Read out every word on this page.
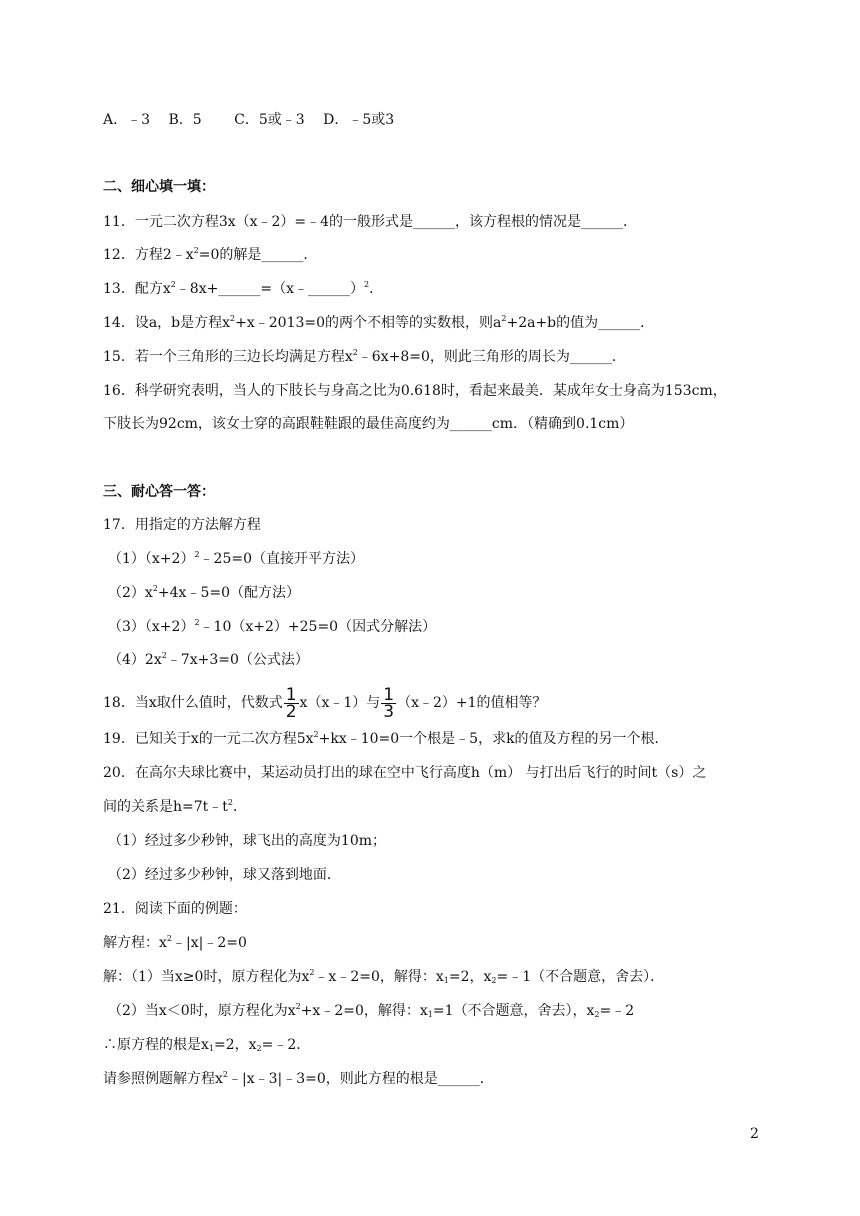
A．﹣3 B．5 C．5或﹣3 D．﹣5或3
二、细心填一填：
11．一元二次方程3x（x﹣2）=﹣4的一般形式是______，该方程根的情况是______．
12．方程$2﹣x^2=0$的解是______．
13．配方$x^2﹣8x+\_\_\_\_\_\_=(x﹣\_\_\_\_\_\_)^2$．
14．设a，b是方程$x^2+x﹣2013=0$的两个不相等的实数根，则$a^2+2a+b$的值为______．
15．若一个三角形的三边长均满足方程$x^2﹣6x+8=0$，则此三角形的周长为______．
16．科学研究表明，当人的下肢长与身高之比为0.618时，看起来最美．某成年女士身高为153cm，
下肢长为92cm，该女士穿的高跟鞋鞋跟的最佳高度约为______cm．（精确到0.1cm）
三、耐心答一答：
17．用指定的方法解方程
$(1)(x+2)^2﹣25=0$（直接开平方法）
$(2)x^2+4x﹣5=0$（配方法）
$(3)(x+2)^2﹣10(x+2)+25=0$（因式分解法）
$(4)2x^2﹣7x+3=0$（公式法）
18．当x取什么值时，代数式 $\frac{1}{2}$ x（x﹣1）与 $\frac{1}{3}$ （x﹣2）+1的值相等？
19．已知关于x的一元二次方程$5x^2+kx﹣10=0$一个根是﹣5，求k的值及方程的另一个根．
20．在高尔夫球比赛中，某运动员打出的球在空中飞行高度h（m） 与打出后飞行的时间t（s）之
间的关系是$h=7t﹣t^2$．
（1）经过多少秒钟，球飞出的高度为10m；
（2）经过多少秒钟，球又落到地面．
21．阅读下面的例题：
解方程：$x^2﹣|x|﹣2=0$
解：（1）当x≥0时，原方程化为$x^2﹣x﹣2=0$，解得：$x_1=2$，$x_2=﹣1$（不合题意，舍去）．
（2）当x＜0时，原方程化为$x^2+x﹣2=0$，解得：$x_1=1$（不合题意，舍去），$x_2=﹣2$
∴原方程的根是$x_1=2$，$x_2=﹣2$．
请参照例题解方程$x^2﹣|x﹣3|﹣3=0$，则此方程的根是______．
2
